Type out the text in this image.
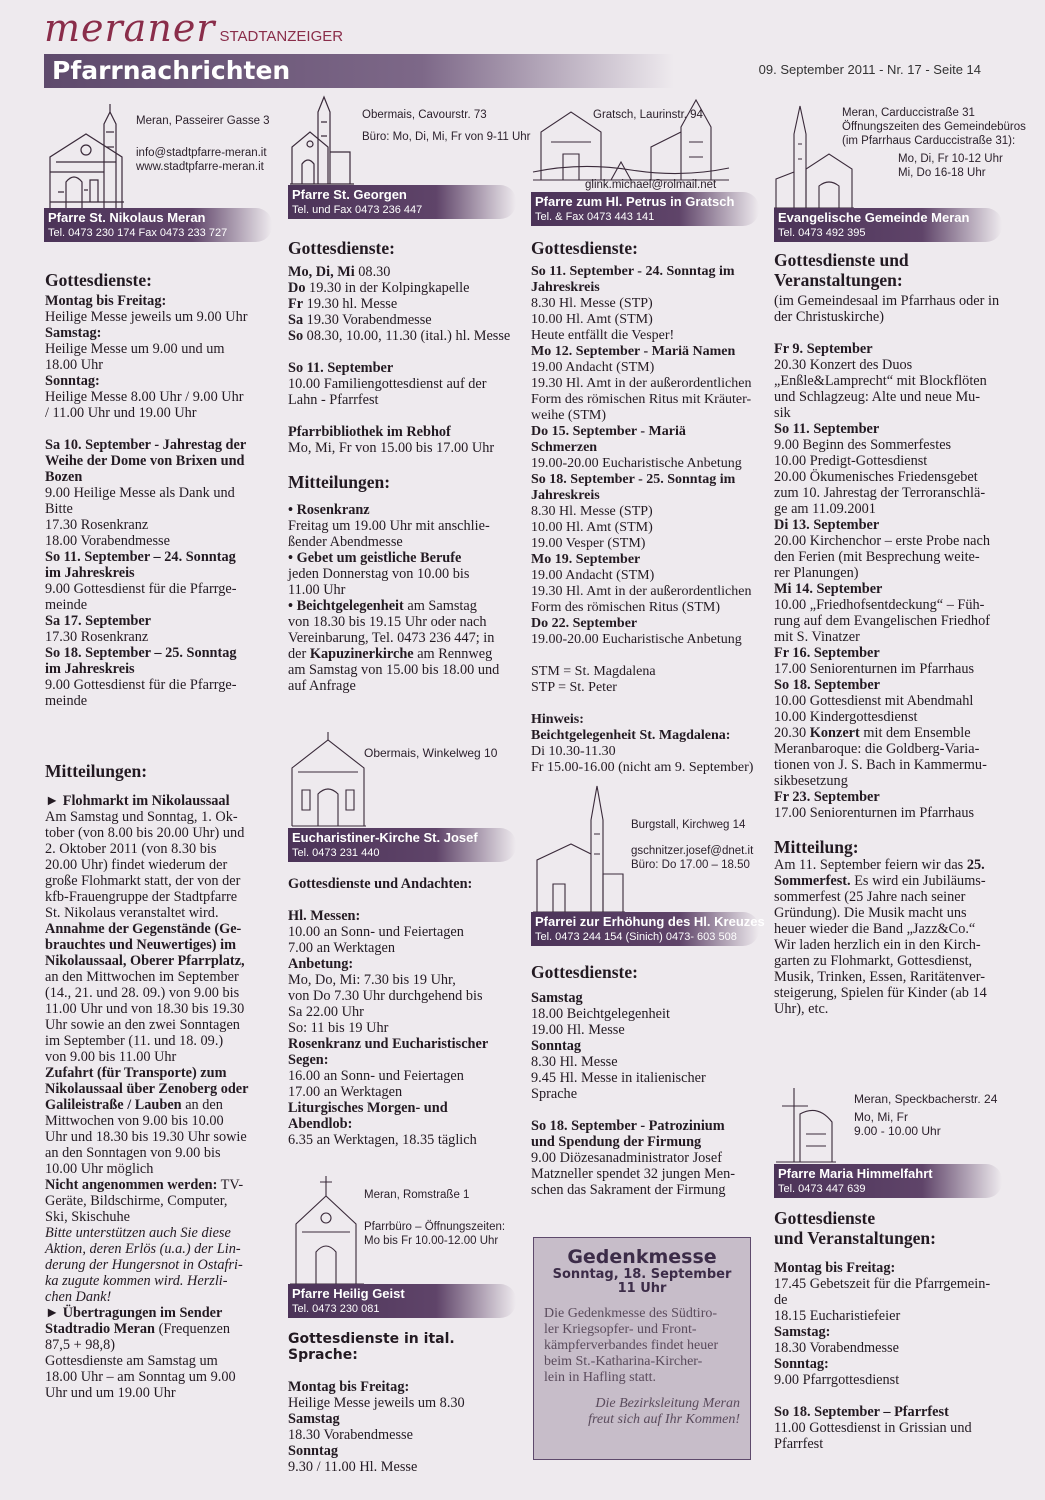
meraner STADTANZEIGER
Pfarrnachrichten	09. September 2011 - Nr. 17 - Seite 14
Meran, Passeirer Gasse 3
info@stadtpfarre-meran.it
www.stadtpfarre-meran.it
Pfarre St. Nikolaus Meran
Tel. 0473 230 174 Fax 0473 233 727
Obermais, Cavourstr. 73
Büro: Mo, Di, Mi, Fr von 9-11 Uhr
Pfarre St. Georgen
Tel. und Fax 0473 236 447
Gratsch, Laurinstr. 94
glink.michael@rolmail.net
Pfarre zum Hl. Petrus in Gratsch
Tel. & Fax 0473 443 141
Meran, Carduccistraße 31
Öffnungszeiten des Gemeindebüros
(im Pfarrhaus Carduccistraße 31):
Mo, Di, Fr 10-12 Uhr
Mi, Do 16-18 Uhr
Evangelische Gemeinde Meran
Tel. 0473 492 395
Obermais, Winkelweg 10
Eucharistiner-Kirche St. Josef
Tel. 0473 231 440
Burgstall, Kirchweg 14
gschnitzer.josef@dnet.it
Büro: Do 17.00 – 18.50
Pfarrei zur Erhöhung des Hl. Kreuzes
Tel. 0473 244 154 (Sinich) 0473- 603 508
Meran, Romstraße 1
Pfarrbüro – Öffnungszeiten:
Mo bis Fr 10.00-12.00 Uhr
Pfarre Heilig Geist
Tel. 0473 230 081
Meran, Speckbacherstr. 24
Mo, Mi, Fr
9.00 - 10.00 Uhr
Pfarre Maria Himmelfahrt
Tel. 0473 447 639
Gottesdienste:

Montag bis Freitag:

Heilige Messe jeweils um 9.00 Uhr

Samstag:

Heilige Messe um 9.00 und um

18.00 Uhr

Sonntag:

Heilige Messe 8.00 Uhr / 9.00 Uhr

/ 11.00 Uhr und 19.00 Uhr

Sa 10. September - Jahrestag der

Weihe der Dome von Brixen und

Bozen

9.00 Heilige Messe als Dank und

Bitte

17.30 Rosenkranz

18.00 Vorabendmesse

So 11. September – 24. Sonntag

im Jahreskreis

9.00 Gottesdienst für die Pfarrge-

meinde

Sa 17. September

17.30 Rosenkranz

So 18. September – 25. Sonntag

im Jahreskreis

9.00 Gottesdienst für die Pfarrge-

meinde

Mitteilungen:

► Flohmarkt im Nikolaussaal

Am Samstag und Sonntag, 1. Ok-

tober (von 8.00 bis 20.00 Uhr) und

2. Oktober 2011 (von 8.30 bis

20.00 Uhr) findet wiederum der

große Flohmarkt statt, der von der

kfb-Frauengruppe der Stadtpfarre

St. Nikolaus veranstaltet wird.

Annahme der Gegenstände (Ge-

brauchtes und Neuwertiges) im

Nikolaussaal, Oberer Pfarrplatz,

an den Mittwochen im September

(14., 21. und 28. 09.) von 9.00 bis

11.00 Uhr und von 18.30 bis 19.30

Uhr sowie an den zwei Sonntagen

im September (11. und 18. 09.)

von 9.00 bis 11.00 Uhr

Zufahrt (für Transporte) zum

Nikolaussaal über Zenoberg oder

Galileistraße / Lauben an den

Mittwochen von 9.00 bis 10.00

Uhr und 18.30 bis 19.30 Uhr sowie

an den Sonntagen von 9.00 bis

10.00 Uhr möglich

Nicht angenommen werden: TV-

Geräte, Bildschirme, Computer,

Ski, Skischuhe

Bitte unterstützen auch Sie diese

Aktion, deren Erlös (u.a.) der Lin-

derung der Hungersnot in Ostafri-

ka zugute kommen wird. Herzli-

chen Dank!

► Übertragungen im Sender

Stadtradio Meran (Frequenzen

87,5 + 98,8)

Gottesdienste am Samstag um

18.00 Uhr – am Sonntag um 9.00

Uhr und um 19.00 Uhr

Gottesdienste:

Mo, Di, Mi 08.30

Do 19.30 in der Kolpingkapelle

Fr 19.30 hl. Messe

Sa 19.30 Vorabendmesse

So 08.30, 10.00, 11.30 (ital.) hl. Messe

So 11. September

10.00 Familiengottesdienst auf der

Lahn - Pfarrfest

Pfarrbibliothek im Rebhof

Mo, Mi, Fr von 15.00 bis 17.00 Uhr

Mitteilungen:

• Rosenkranz

Freitag um 19.00 Uhr mit anschlie-

ßender Abendmesse

• Gebet um geistliche Berufe

jeden Donnerstag von 10.00 bis

11.00 Uhr

• Beichtgelegenheit am Samstag

von 18.30 bis 19.15 Uhr oder nach

Vereinbarung, Tel. 0473 236 447; in

der Kapuzinerkirche am Rennweg

am Samstag von 15.00 bis 18.00 und

auf Anfrage

Gottesdienste und Andachten:

Hl. Messen:

10.00 an Sonn- und Feiertagen

7.00 an Werktagen

Anbetung:

Mo, Do, Mi: 7.30 bis 19 Uhr,

von Do 7.30 Uhr durchgehend bis

Sa 22.00 Uhr

So: 11 bis 19 Uhr

Rosenkranz und Eucharistischer

Segen:

16.00 an Sonn- und Feiertagen

17.00 an Werktagen

Liturgisches Morgen- und

Abendlob:

6.35 an Werktagen, 18.35 täglich

Gottesdienste in ital. Sprache:

Montag bis Freitag:

Heilige Messe jeweils um 8.30

Samstag

18.30 Vorabendmesse

Sonntag

9.30 / 11.00 Hl. Messe

Gottesdienste:

So 11. September - 24. Sonntag im

Jahreskreis

8.30 Hl. Messe (STP)

10.00 Hl. Amt (STM)

Heute entfällt die Vesper!

Mo 12. September - Mariä Namen

19.00 Andacht (STM)

19.30 Hl. Amt in der außerordentlichen

Form des römischen Ritus mit Kräuter-

weihe (STM)

Do 15. September - Mariä Schmerzen

19.00-20.00 Eucharistische Anbetung

So 18. September - 25. Sonntag im

Jahreskreis

8.30 Hl. Messe (STP)

10.00 Hl. Amt (STM)

19.00 Vesper (STM)

Mo 19. September

19.00 Andacht (STM)

19.30 Hl. Amt in der außerordentlichen

Form des römischen Ritus (STM)

Do 22. September

19.00-20.00 Eucharistische Anbetung

STM = St. Magdalena

STP = St. Peter

Hinweis:

Beichtgelegenheit St. Magdalena:

Di 10.30-11.30

Fr 15.00-16.00 (nicht am 9. September)

Gottesdienste:

Samstag

18.00 Beichtgelegenheit

19.00 Hl. Messe

Sonntag

8.30 Hl. Messe

9.45 Hl. Messe in italienischer

Sprache

So 18. September - Patrozinium

und Spendung der Firmung

9.00 Diözesanadministrator Josef

Matzneller spendet 32 jungen Men-

schen das Sakrament der Firmung

Gedenkmesse
Sonntag, 18. September
11 Uhr
Die Gedenkmesse des Südtiro-
ler Kriegsopfer- und Front-
kämpferverbandes findet heuer
beim St.-Katharina-Kircher-
lein in Hafling statt.
Die Bezirksleitung Meran
freut sich auf Ihr Kommen!
Gottesdienste und
Veranstaltungen:

(im Gemeindesaal im Pfarrhaus oder in

der Christuskirche)

Fr 9. September

20.30 Konzert des Duos

„Enßle&Lamprecht“ mit Blockflöten

und Schlagzeug: Alte und neue Mu-

sik

So 11. September

9.00 Beginn des Sommerfestes

10.00 Predigt-Gottesdienst

20.00 Ökumenisches Friedensgebet

zum 10. Jahrestag der Terroranschlä-

ge am 11.09.2001

Di 13. September

20.00 Kirchenchor – erste Probe nach

den Ferien (mit Besprechung weite-

rer Planungen)

Mi 14. September

10.00 „Friedhofsentdeckung“ – Füh-

rung auf dem Evangelischen Friedhof

mit S. Vinatzer

Fr 16. September

17.00 Seniorenturnen im Pfarrhaus

So 18. September

10.00 Gottesdienst mit Abendmahl

10.00 Kindergottesdienst

20.30 Konzert mit dem Ensemble

Meranbaroque: die Goldberg-Varia-

tionen von J. S. Bach in Kammermu-

sikbesetzung

Fr 23. September

17.00 Seniorenturnen im Pfarrhaus

Mitteilung:

Am 11. September feiern wir das 25.

Sommerfest. Es wird ein Jubiläums-

sommerfest (25 Jahre nach seiner

Gründung). Die Musik macht uns

heuer wieder die Band „Jazz&Co.“

Wir laden herzlich ein in den Kirch-

garten zu Flohmarkt, Gottesdienst,

Musik, Trinken, Essen, Raritätenver-

steigerung, Spielen für Kinder (ab 14

Uhr), etc.

Gottesdienste
und Veranstaltungen:

Montag bis Freitag:

17.45 Gebetszeit für die Pfarrgemein-

de

18.15 Eucharistiefeier

Samstag:

18.30 Vorabendmesse

Sonntag:

9.00 Pfarrgottesdienst

So 18. September – Pfarrfest

11.00 Gottesdienst in Grissian und

Pfarrfest
